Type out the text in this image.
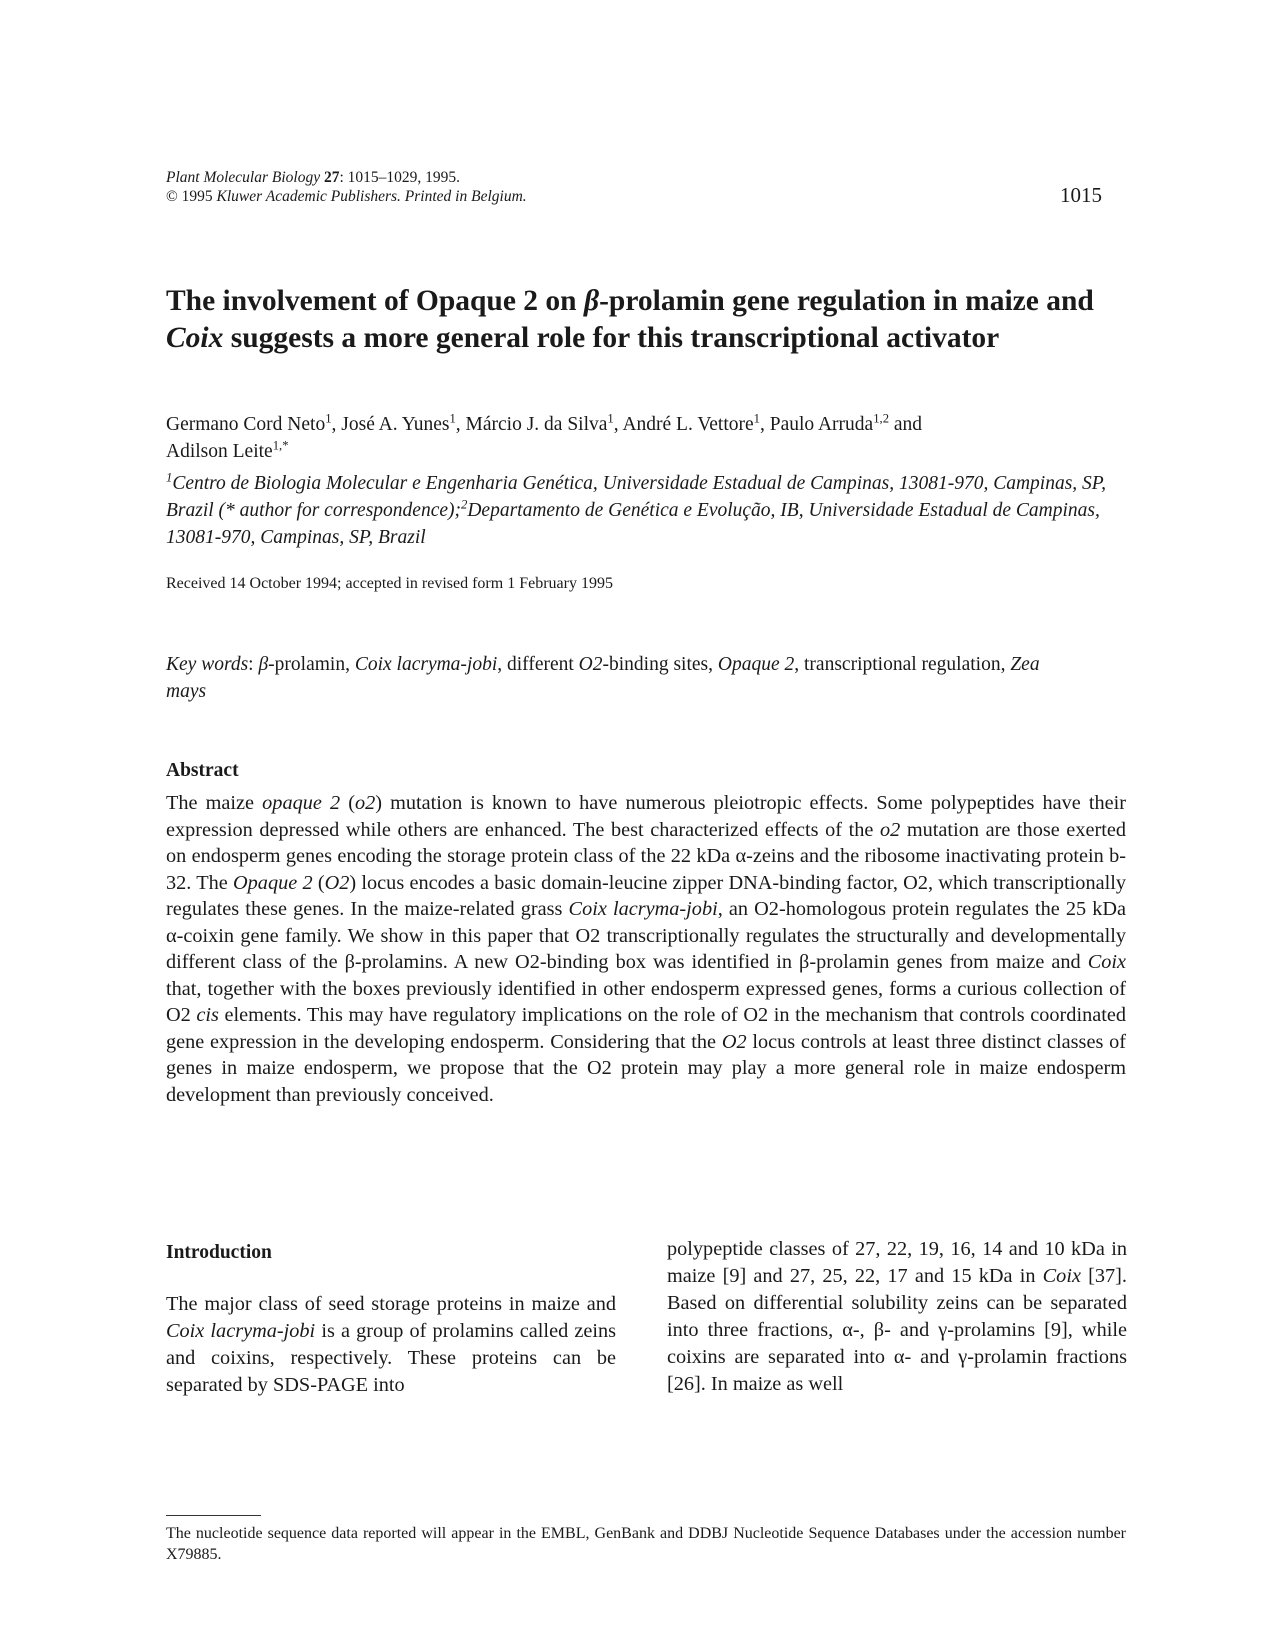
Plant Molecular Biology 27: 1015–1029, 1995.
© 1995 Kluwer Academic Publishers. Printed in Belgium.	1015
The involvement of Opaque 2 on β-prolamin gene regulation in maize and Coix suggests a more general role for this transcriptional activator
Germano Cord Neto$^1$, José A. Yunes$^1$, Márcio J. da Silva$^1$, André L. Vettore$^1$, Paulo Arruda$^{1,2}$ and
Adilson Leite$^{1,*}$
$^1$Centro de Biologia Molecular e Engenharia Genética, Universidade Estadual de Campinas, 13081-970, Campinas, SP, Brazil (* author for correspondence);$^2$Departamento de Genética e Evolução, IB, Universidade Estadual de Campinas, 13081-970, Campinas, SP, Brazil
Received 14 October 1994; accepted in revised form 1 February 1995
Key words: β-prolamin, Coix lacryma-jobi, different O2-binding sites, Opaque 2, transcriptional regulation, Zea mays
Abstract
The maize opaque 2 (o2) mutation is known to have numerous pleiotropic effects. Some polypeptides have their expression depressed while others are enhanced. The best characterized effects of the o2 mutation are those exerted on endosperm genes encoding the storage protein class of the 22 kDa α-zeins and the ribosome inactivating protein b-32. The Opaque 2 (O2) locus encodes a basic domain-leucine zipper DNA-binding factor, O2, which transcriptionally regulates these genes. In the maize-related grass Coix lacryma-jobi, an O2-homologous protein regulates the 25 kDa α-coixin gene family. We show in this paper that O2 transcriptionally regulates the structurally and developmentally different class of the β-prolamins. A new O2-binding box was identified in β-prolamin genes from maize and Coix that, together with the boxes previously identified in other endosperm expressed genes, forms a curious collection of O2 cis elements. This may have regulatory implications on the role of O2 in the mechanism that controls coordinated gene expression in the developing endosperm. Considering that the O2 locus controls at least three distinct classes of genes in maize endosperm, we propose that the O2 protein may play a more general role in maize endosperm development than previously conceived.
Introduction
The major class of seed storage proteins in maize and Coix lacryma-jobi is a group of prolamins called zeins and coixins, respectively. These proteins can be separated by SDS-PAGE into
polypeptide classes of 27, 22, 19, 16, 14 and 10 kDa in maize [9] and 27, 25, 22, 17 and 15 kDa in Coix [37]. Based on differential solubility zeins can be separated into three fractions, α-, β- and γ-prolamins [9], while coixins are separated into α- and γ-prolamin fractions [26]. In maize as well
The nucleotide sequence data reported will appear in the EMBL, GenBank and DDBJ Nucleotide Sequence Databases under the accession number X79885.
